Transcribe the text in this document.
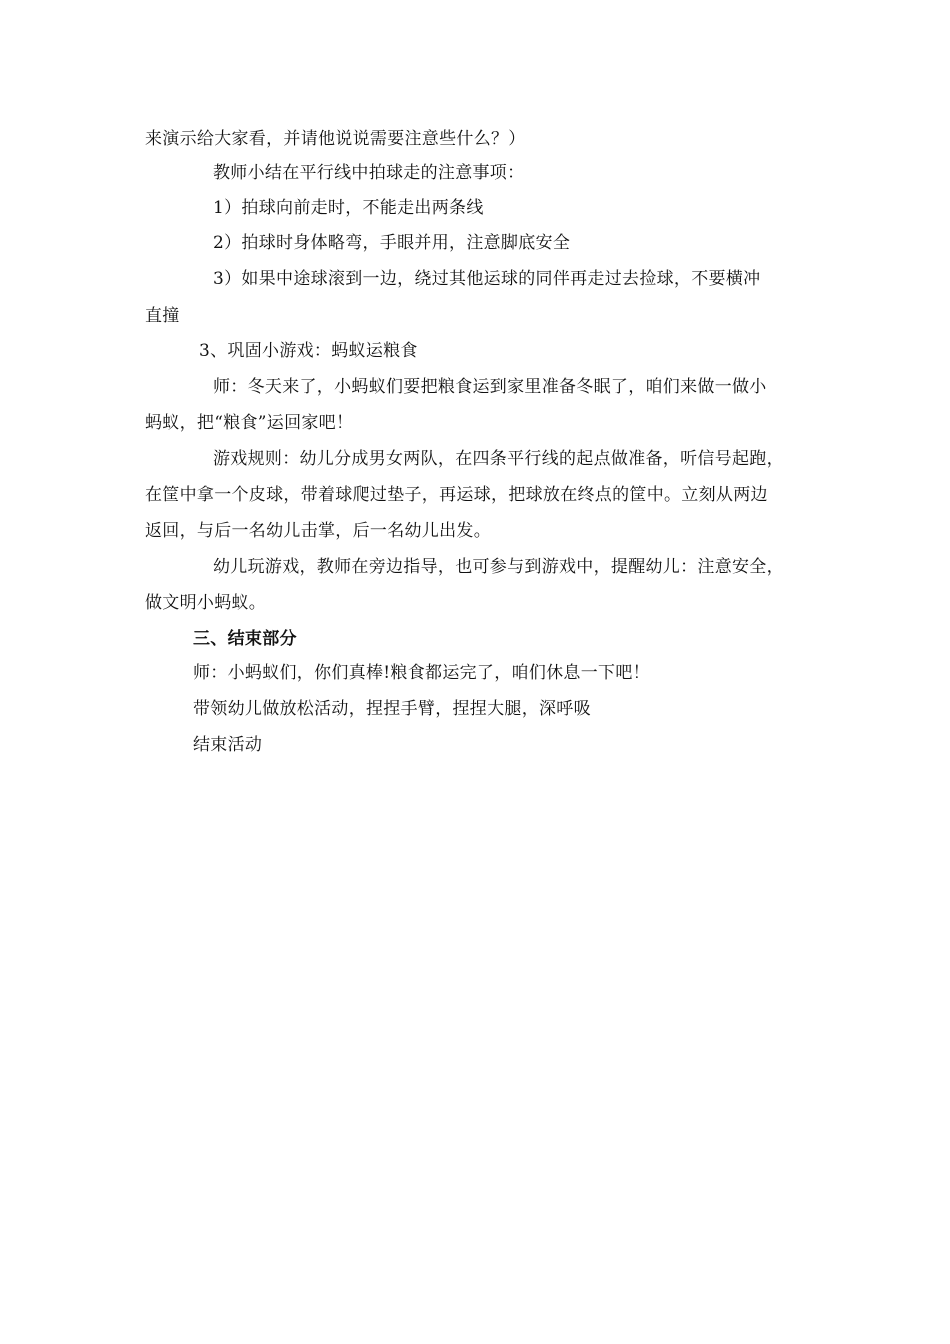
来演示给大家看，并请他说说需要注意些什么？）
教师小结在平行线中拍球走的注意事项：
1）拍球向前走时，不能走出两条线
2）拍球时身体略弯，手眼并用，注意脚底安全
3）如果中途球滚到一边，绕过其他运球的同伴再走过去捡球，不要横冲
直撞
3、巩固小游戏：蚂蚁运粮食
师：冬天来了，小蚂蚁们要把粮食运到家里准备冬眠了，咱们来做一做小
蚂蚁，把“粮食”运回家吧！
游戏规则：幼儿分成男女两队，在四条平行线的起点做准备，听信号起跑，
在筐中拿一个皮球，带着球爬过垫子，再运球，把球放在终点的筐中。立刻从两边
返回，与后一名幼儿击掌，后一名幼儿出发。
幼儿玩游戏，教师在旁边指导，也可参与到游戏中，提醒幼儿：注意安全，
做文明小蚂蚁。
三、结束部分
师：小蚂蚁们，你们真棒!粮食都运完了，咱们休息一下吧！
带领幼儿做放松活动，捏捏手臂，捏捏大腿，深呼吸
结束活动
